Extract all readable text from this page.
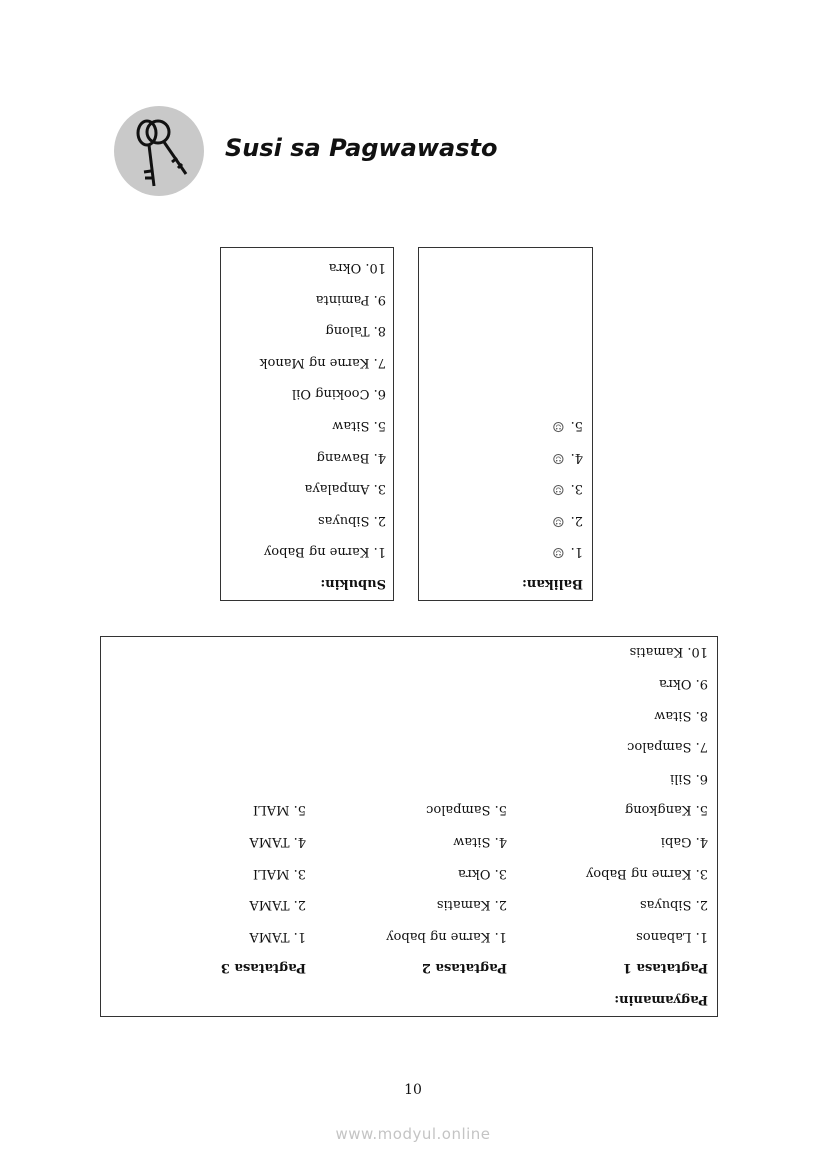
Susi sa Pagwawasto
Balikan:
1.☺
2.☺
3.☺
4.☺
5.☺
Subukin:
1. Karne ng Baboy
2. Sibuyas
3. Ampalaya
4. Bawang
5. Sitaw
6. Cooking Oil
7. Karne ng Manok
8. Talong
9. Paminta
10. Okra
Pagyamanin:
Pagtatasa 1
1. Labanos
2. Sibuyas
3. Karne ng Baboy
4. Gabi
5. Kangkong
6. Sili
7. Sampaloc
8. Sitaw
9. Okra
10. Kamatis
Pagtatasa 2
1. Karne ng baboy
2. Kamatis
3. Okra
4. Sitaw
5. Sampaloc
Pagtatasa 3
1. TAMA
2. TAMA
3. MALI
4. TAMA
5. MALI
10
www.modyul.online
